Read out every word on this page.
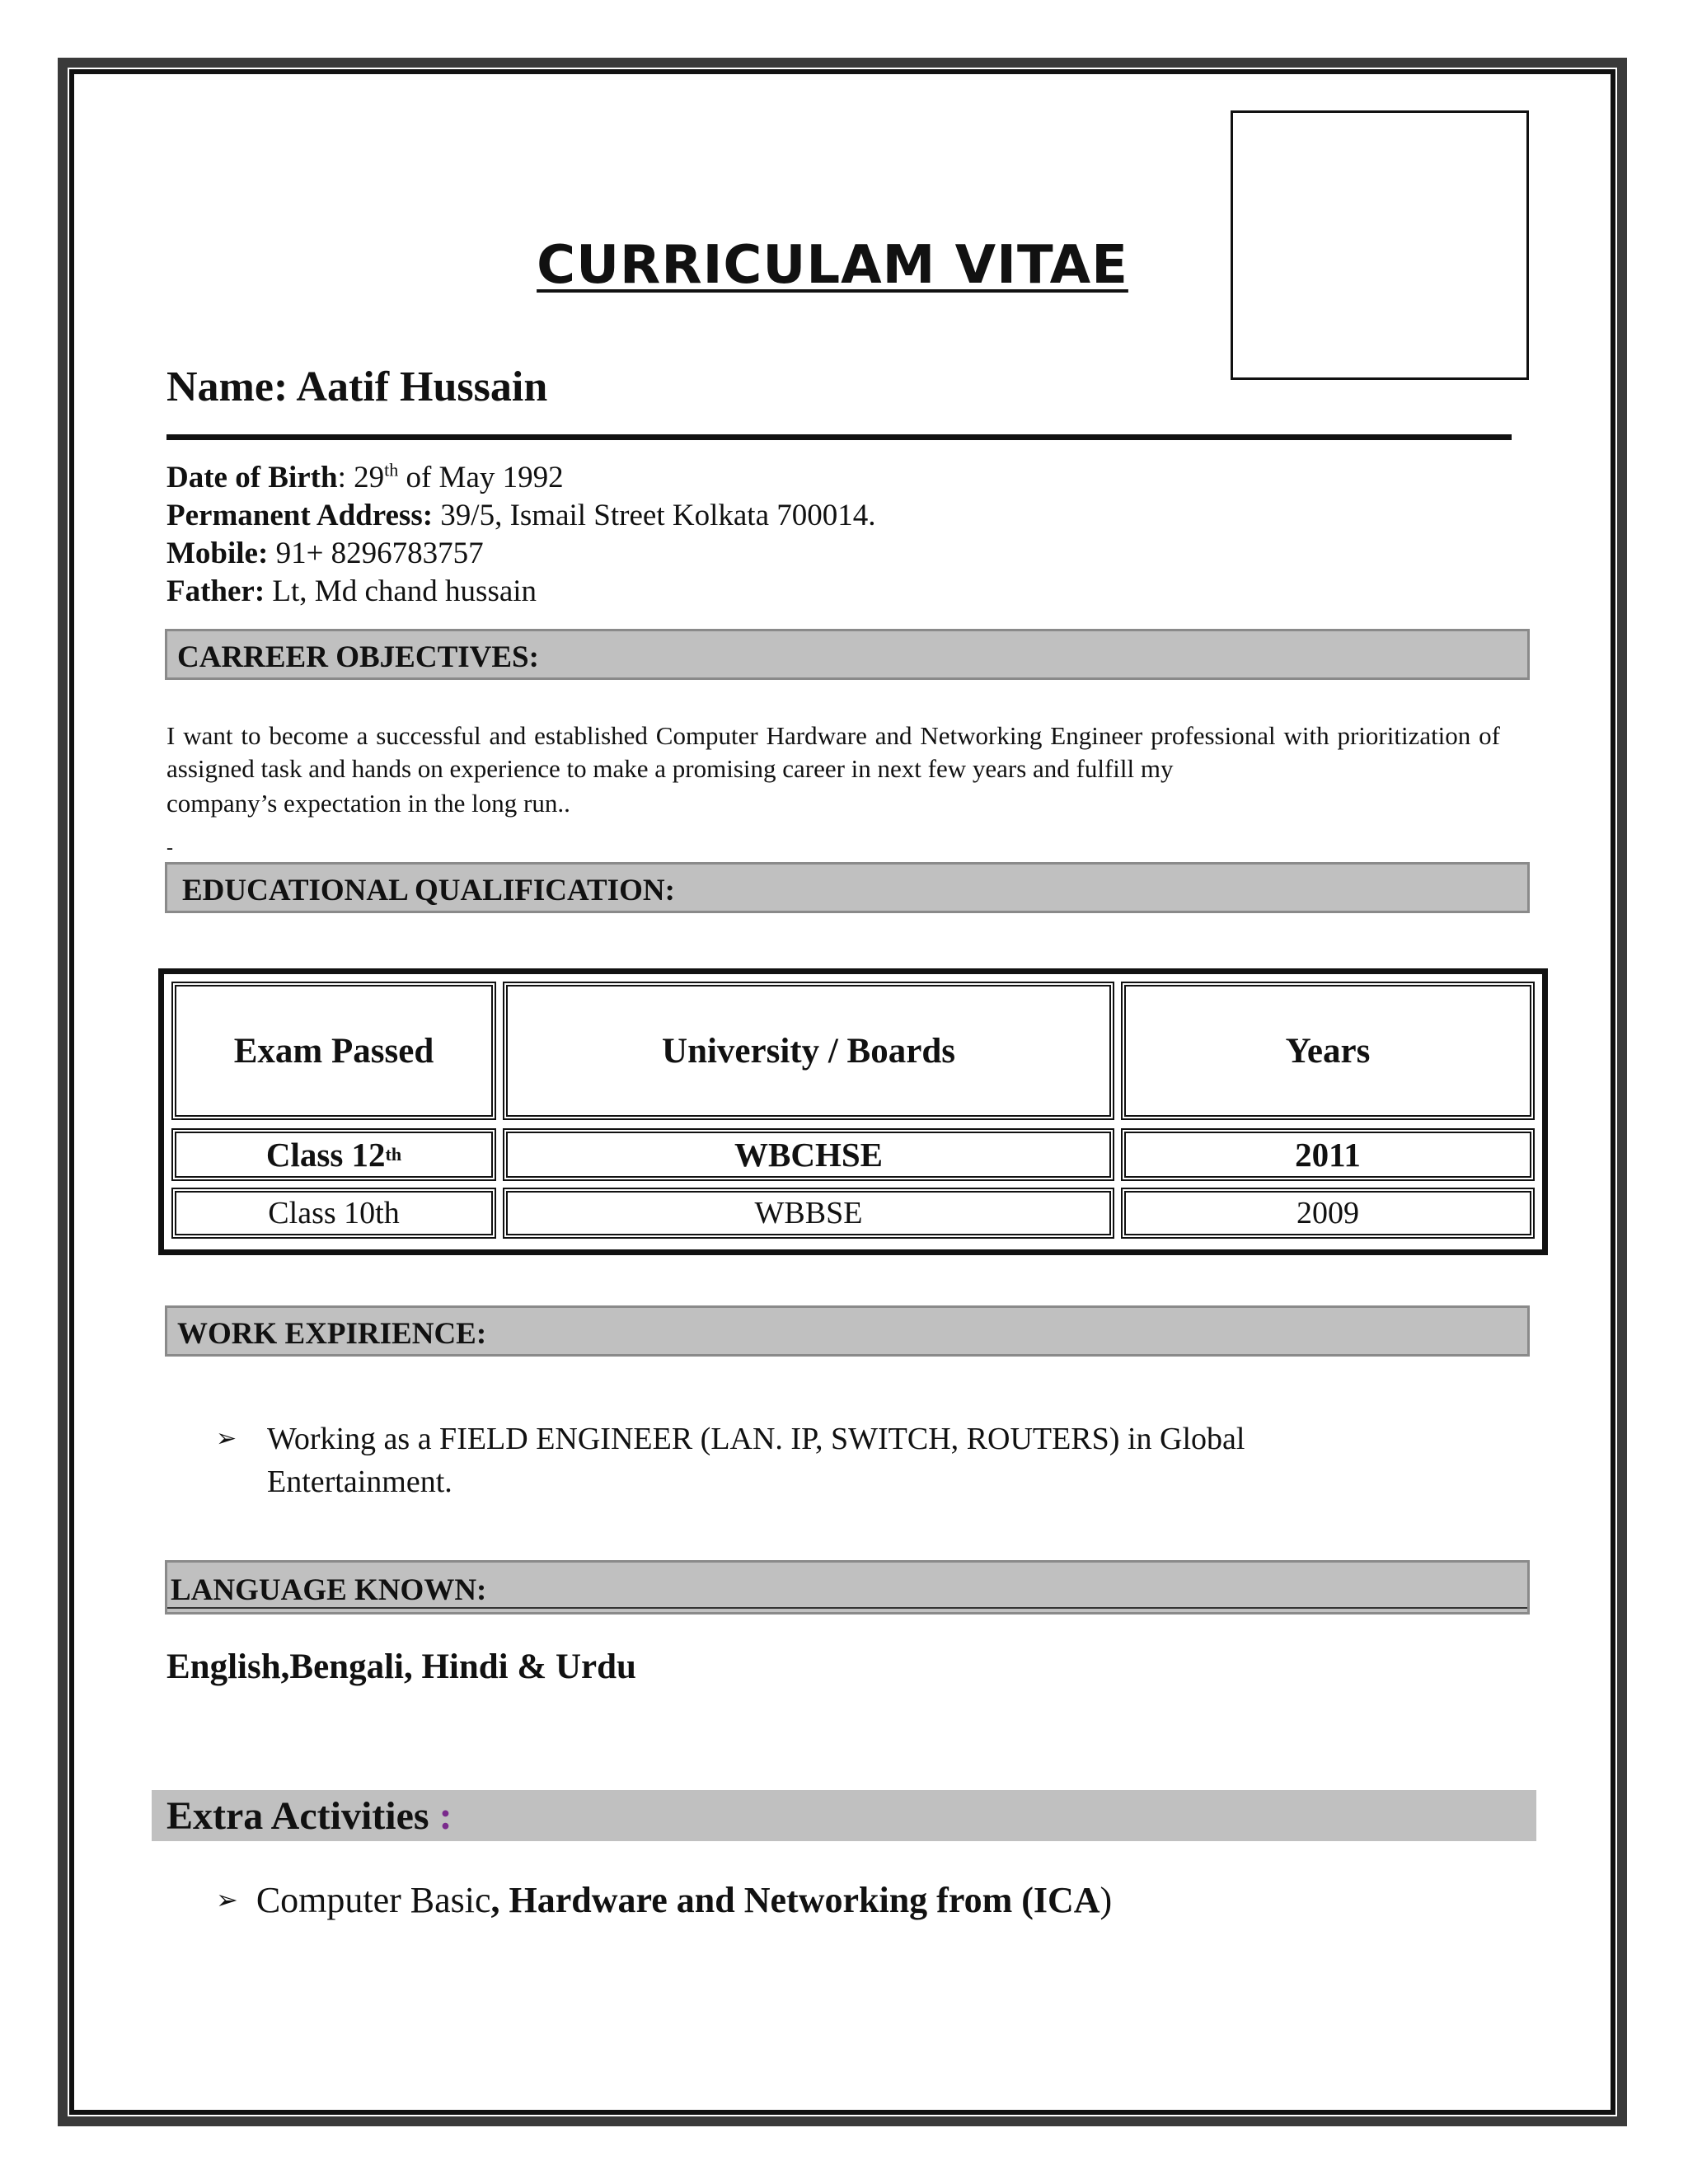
CURRICULAM VITAE
Name: Aatif Hussain
Date of Birth: 29th of May 1992
Permanent Address: 39/5, Ismail Street Kolkata 700014.
Mobile: 91+ 8296783757
Father: Lt, Md chand hussain
CARREER OBJECTIVES:
I want to become a successful and established Computer Hardware and Networking Engineer professional with prioritization of assigned task and hands on experience to make a promising career in next few years and fulfill my
company’s expectation in the long run..
-
EDUCATIONAL QUALIFICATION:
Exam Passed	University / Boards	Years
Class 12 th	WBCHSE	2011
Class 10th	WBBSE	2009
WORK EXPIRIENCE:
➢ Working as a FIELD ENGINEER (LAN. IP, SWITCH, ROUTERS) in Global
Entertainment.
LANGUAGE KNOWN:
English,Bengali, Hindi & Urdu
Extra Activities :
➢ Computer Basic, Hardware and Networking from (ICA)
